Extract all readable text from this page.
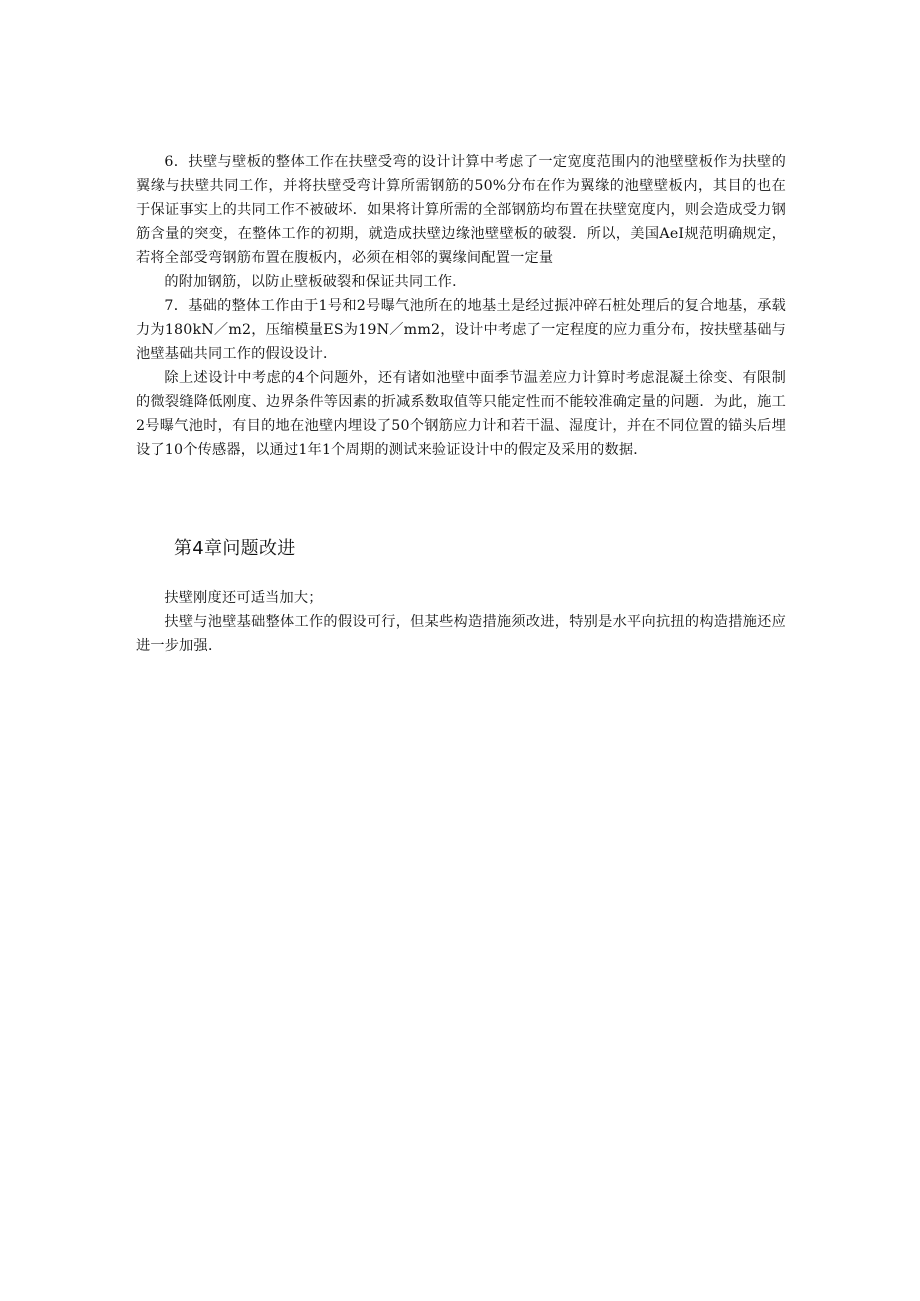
6．扶壁与壁板的整体工作在扶壁受弯的设计计算中考虑了一定宽度范围内的池壁壁板作为扶壁的翼缘与扶壁共同工作，并将扶壁受弯计算所需钢筋的50%分布在作为翼缘的池壁壁板内，其目的也在于保证事实上的共同工作不被破坏．如果将计算所需的全部钢筋均布置在扶壁宽度内，则会造成受力钢筋含量的突变，在整体工作的初期，就造成扶壁边缘池壁壁板的破裂．所以，美国AeI规范明确规定，若将全部受弯钢筋布置在腹板内，必须在相邻的翼缘间配置一定量

的附加钢筋，以防止壁板破裂和保证共同工作．

7．基础的整体工作由于1号和2号曝气池所在的地基土是经过振冲碎石桩处理后的复合地基，承载力为180kN／m2，压缩模量ES为19N／mm2，设计中考虑了一定程度的应力重分布，按扶壁基础与池壁基础共同工作的假设设计．

除上述设计中考虑的4个问题外，还有诸如池壁中面季节温差应力计算时考虑混凝土徐变、有限制的微裂缝降低刚度、边界条件等因素的折减系数取值等只能定性而不能较准确定量的问题．为此，施工2号曝气池时，有目的地在池壁内埋设了50个钢筋应力计和若干温、湿度计，并在不同位置的锚头后埋设了10个传感器，以通过1年1个周期的测试来验证设计中的假定及采用的数据．

第4章问题改进

扶壁刚度还可适当加大；

扶壁与池壁基础整体工作的假设可行，但某些构造措施须改进，特别是水平向抗扭的构造措施还应进一步加强．
